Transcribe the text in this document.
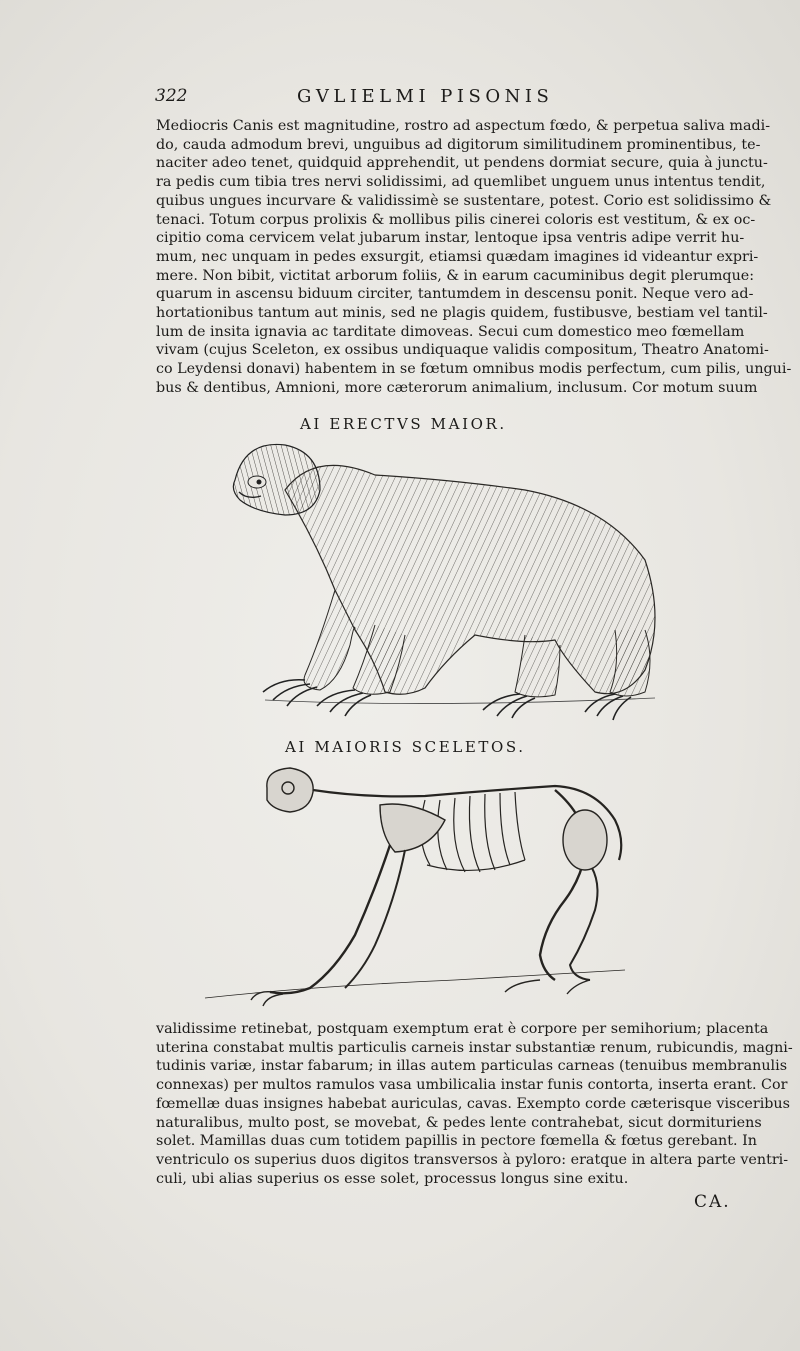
322	GVLIELMI PISONIS

Mediocris Canis est magnitudine, rostro ad aspectum fœdo, & perpetua saliva madi-

do, cauda admodum brevi, unguibus ad digitorum similitudinem prominentibus, te-

naciter adeo tenet, quidquid apprehendit, ut pendens dormiat secure, quia à junctu-

ra pedis cum tibia tres nervi solidissimi, ad quemlibet unguem unus intentus tendit,

quibus ungues incurvare & validissimè se sustentare, potest. Corio est solidissimo &

tenaci. Totum corpus prolixis & mollibus pilis cinerei coloris est vestitum, & ex oc-

cipitio coma cervicem velat jubarum instar, lentoque ipsa ventris adipe verrit hu-

mum, nec unquam in pedes exsurgit, etiamsi quædam imagines id videantur expri-

mere. Non bibit, victitat arborum foliis, & in earum cacuminibus degit plerumque:

quarum in ascensu biduum circiter, tantumdem in descensu ponit. Neque vero ad-

hortationibus tantum aut minis, sed ne plagis quidem, fustibusve, bestiam vel tantil-

lum de insita ignavia ac tarditate dimoveas. Secui cum domestico meo fœmellam

vivam (cujus Sceleton, ex ossibus undiquaque validis compositum, Theatro Anatomi-

co Leydensi donavi) habentem in se fœtum omnibus modis perfectum, cum pilis, ungui-

bus & dentibus, Amnioni, more cæterorum animalium, inclusum. Cor motum suum

AI ERECTVS MAIOR.
AI MAIORIS SCELETOS.

validissime retinebat, postquam exemptum erat è corpore per semihorium; placenta

uterina constabat multis particulis carneis instar substantiæ renum, rubicundis, magni-

tudinis variæ, instar fabarum; in illas autem particulas carneas (tenuibus membranulis

connexas) per multos ramulos vasa umbilicalia instar funis contorta, inserta erant. Cor

fœmellæ duas insignes habebat auriculas, cavas. Exempto corde cæterisque visceribus

naturalibus, multo post, se movebat, & pedes lente contrahebat, sicut dormituriens

solet. Mamillas duas cum totidem papillis in pectore fœmella & fœtus gerebant. In

ventriculo os superius duos digitos transversos à pyloro: eratque in altera parte ventri-

culi, ubi alias superius os esse solet, processus longus sine exitu.

CA.
